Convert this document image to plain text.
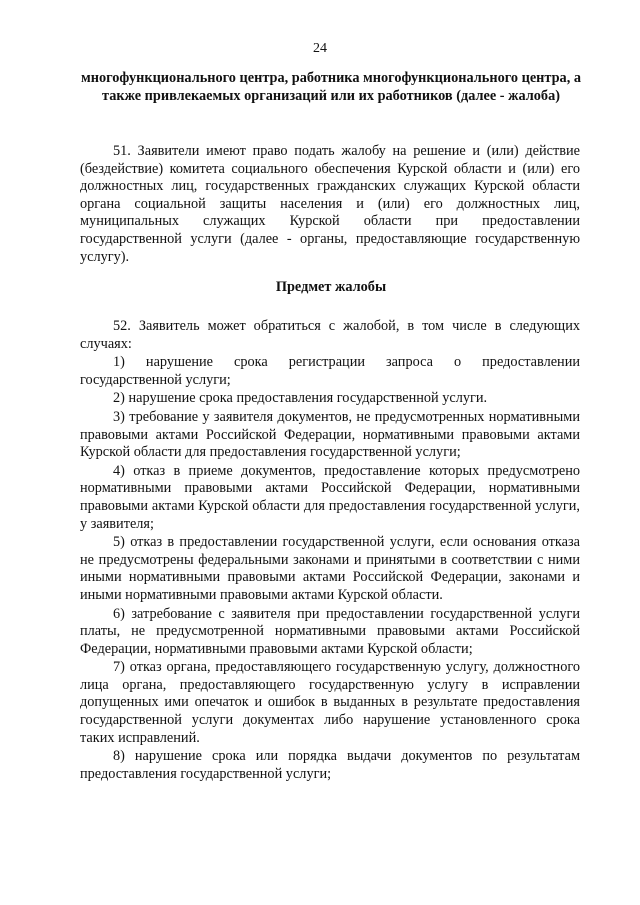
24
многофункционального центра, работника многофункционального центра, а также привлекаемых организаций или их работников (далее - жалоба)

51. Заявители имеют право подать жалобу на решение и (или) действие (бездействие) комитета социального обеспечения Курской области и (или) его должностных лиц, государственных гражданских служащих Курской области органа социальной защиты населения и (или) его должностных лиц, муниципальных служащих Курской области при предоставлении государственной услуги (далее - органы, предоставляющие государственную услугу).

Предмет жалобы

52. Заявитель может обратиться с жалобой, в том числе в следующих случаях:

1) нарушение срока регистрации запроса о предоставлении государственной услуги;

2) нарушение срока предоставления государственной услуги.

3) требование у заявителя документов, не предусмотренных нормативными правовыми актами Российской Федерации, нормативными правовыми актами Курской области для предоставления государственной услуги;

4) отказ в приеме документов, предоставление которых предусмотрено нормативными правовыми актами Российской Федерации, нормативными правовыми актами Курской области для предоставления государственной услуги, у заявителя;

5) отказ в предоставлении государственной услуги, если основания отказа не предусмотрены федеральными законами и принятыми в соответствии с ними иными нормативными правовыми актами Российской Федерации, законами и иными нормативными правовыми актами Курской области.

6) затребование с заявителя при предоставлении государственной услуги платы, не предусмотренной нормативными правовыми актами Российской Федерации, нормативными правовыми актами Курской области;

7) отказ органа, предоставляющего государственную услугу, должностного лица органа, предоставляющего государственную услугу в исправлении допущенных ими опечаток и ошибок в выданных в результате предоставления государственной услуги документах либо нарушение установленного срока таких исправлений.

8) нарушение срока или порядка выдачи документов по результатам предоставления государственной услуги;
